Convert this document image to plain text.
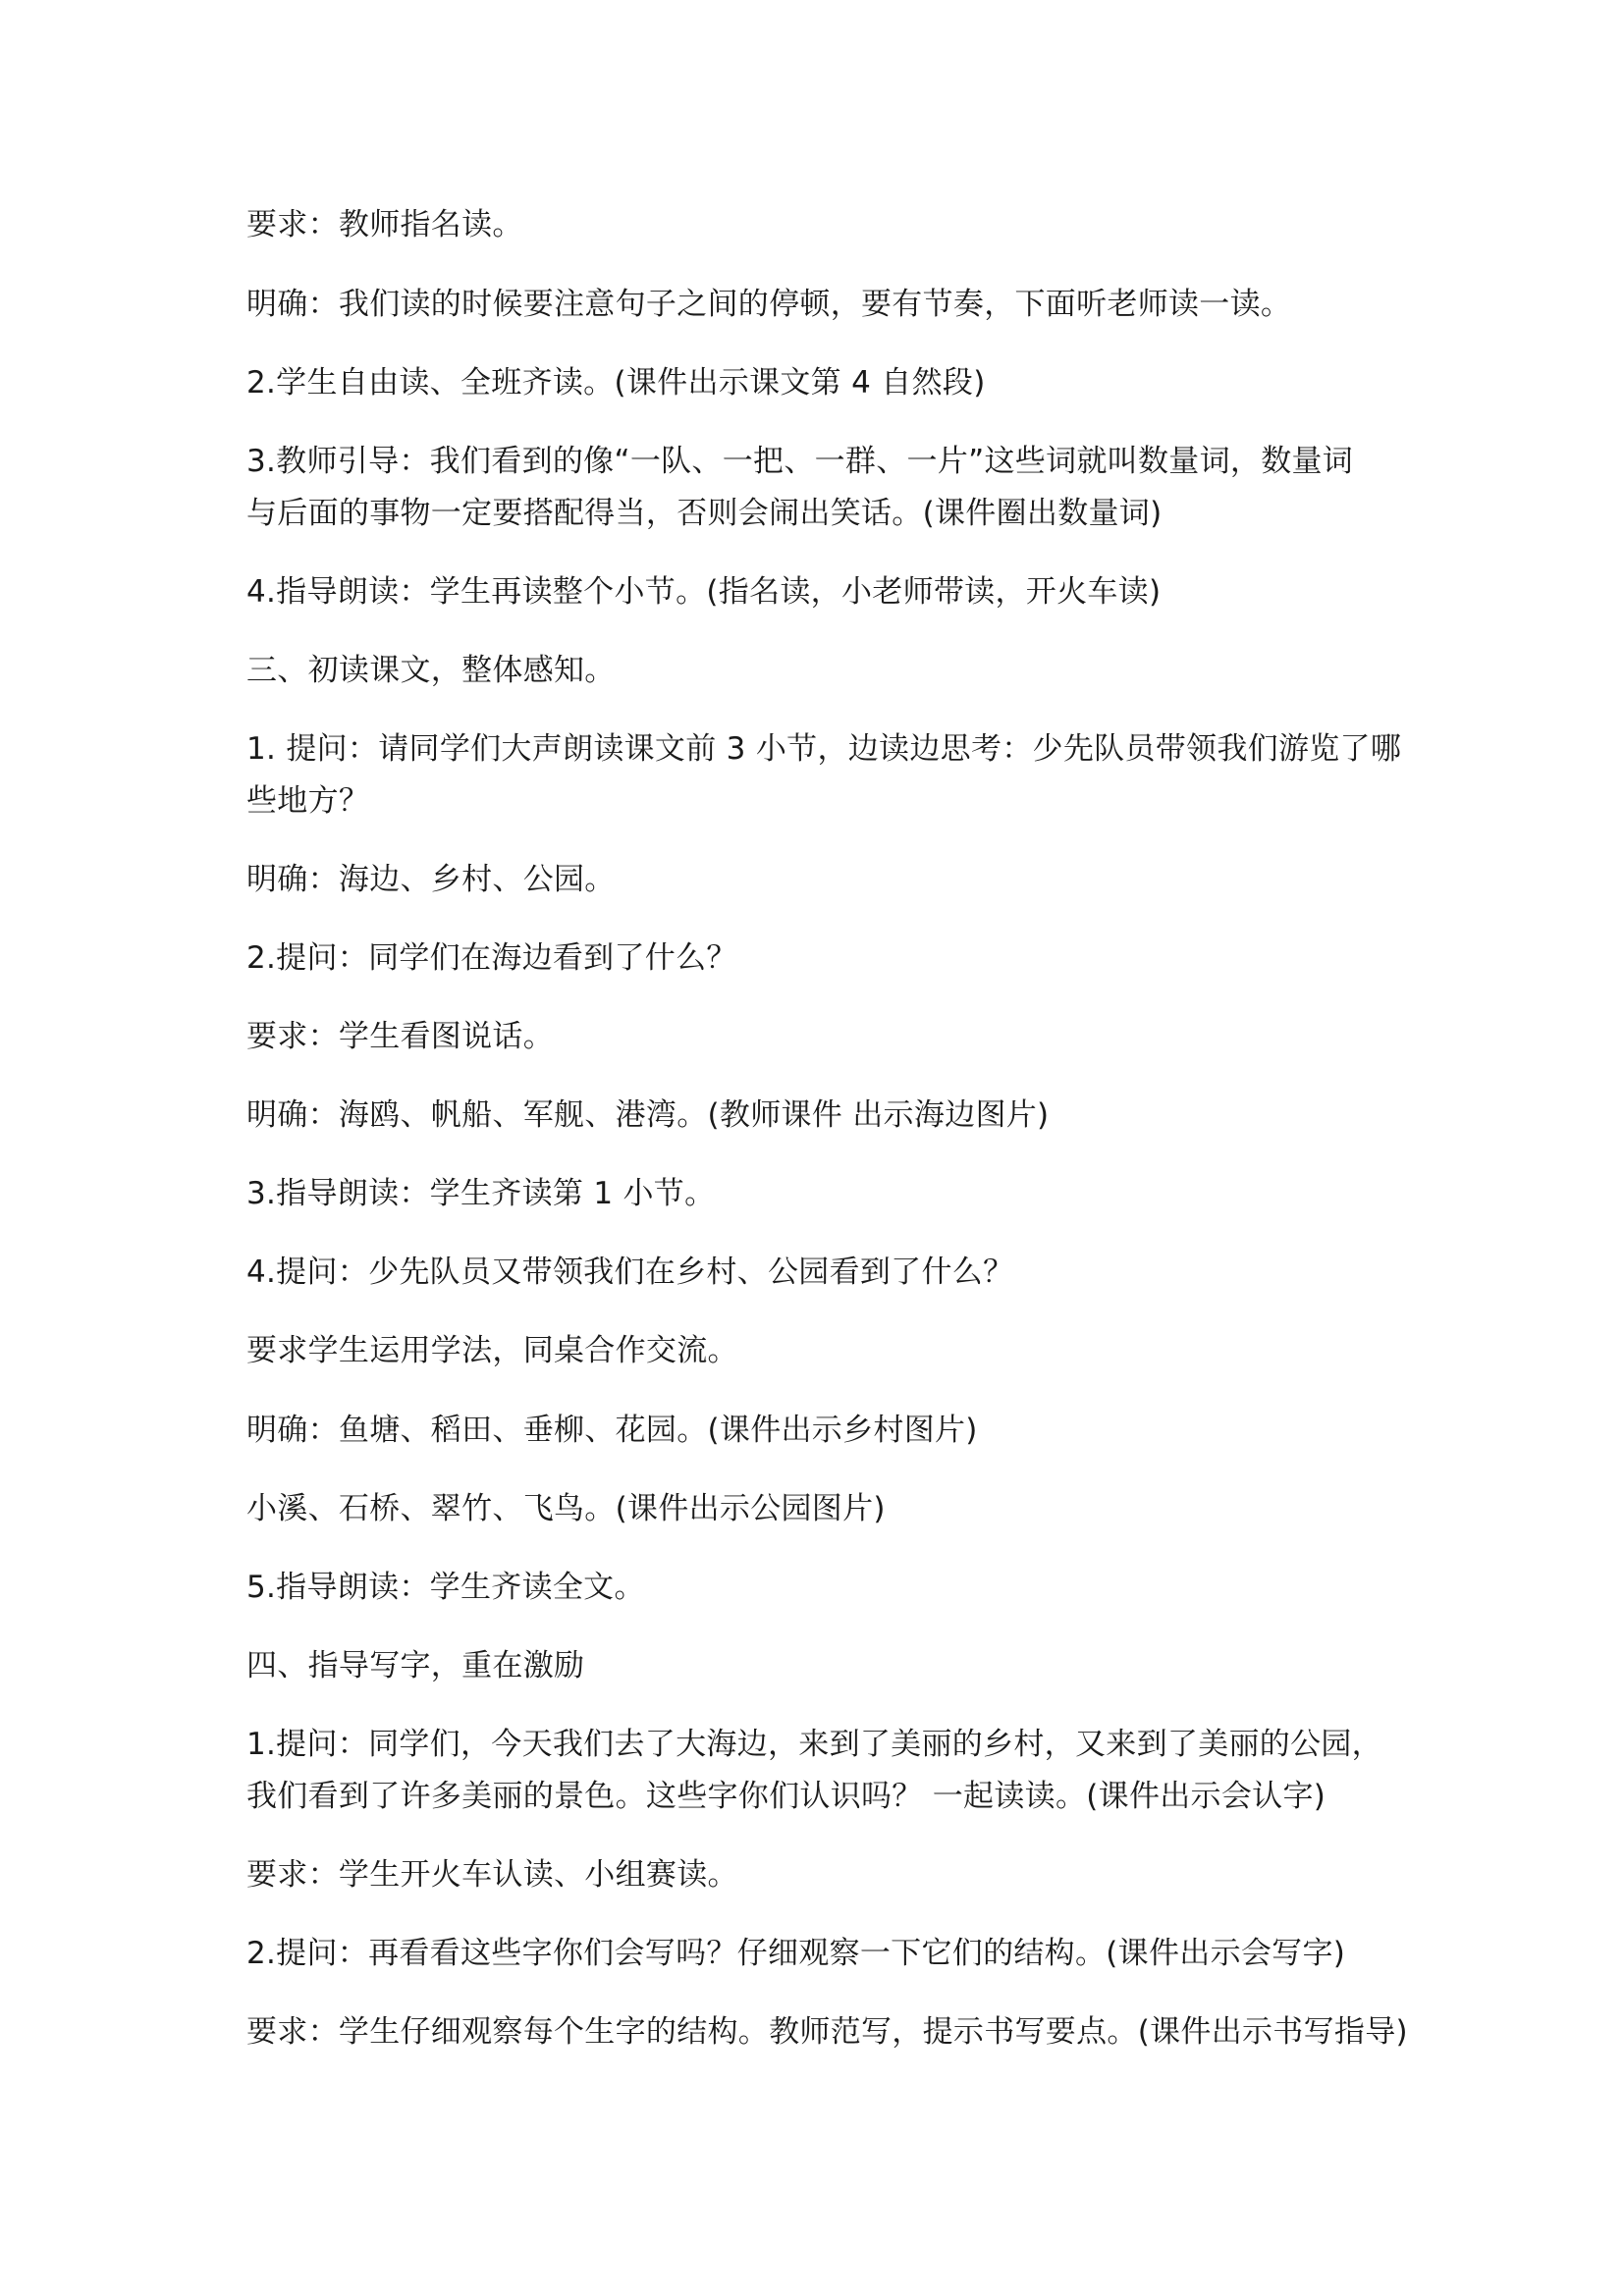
要求：教师指名读。
明确：我们读的时候要注意句子之间的停顿，要有节奏，下面听老师读一读。
2.学生自由读、全班齐读。(课件出示课文第 4 自然段)
3.教师引导：我们看到的像“一队、一把、一群、一片”这些词就叫数量词，数量词
与后面的事物一定要搭配得当，否则会闹出笑话。(课件圈出数量词)
4.指导朗读：学生再读整个小节。(指名读，小老师带读，开火车读)
三、初读课文，整体感知。
1. 提问：请同学们大声朗读课文前 3 小节，边读边思考：少先队员带领我们游览了哪
些地方？
明确：海边、乡村、公园。
2.提问：同学们在海边看到了什么？
要求：学生看图说话。
明确：海鸥、帆船、军舰、港湾。(教师课件 出示海边图片)
3.指导朗读：学生齐读第 1 小节。
4.提问：少先队员又带领我们在乡村、公园看到了什么？
要求学生运用学法，同桌合作交流。
明确：鱼塘、稻田、垂柳、花园。(课件出示乡村图片)
小溪、石桥、翠竹、飞鸟。(课件出示公园图片)
5.指导朗读：学生齐读全文。
四、指导写字，重在激励
1.提问：同学们，今天我们去了大海边，来到了美丽的乡村，又来到了美丽的公园，
我们看到了许多美丽的景色。这些字你们认识吗？ 一起读读。(课件出示会认字)
要求：学生开火车认读、小组赛读。
2.提问：再看看这些字你们会写吗？仔细观察一下它们的结构。(课件出示会写字)
要求：学生仔细观察每个生字的结构。教师范写，提示书写要点。(课件出示书写指导)
